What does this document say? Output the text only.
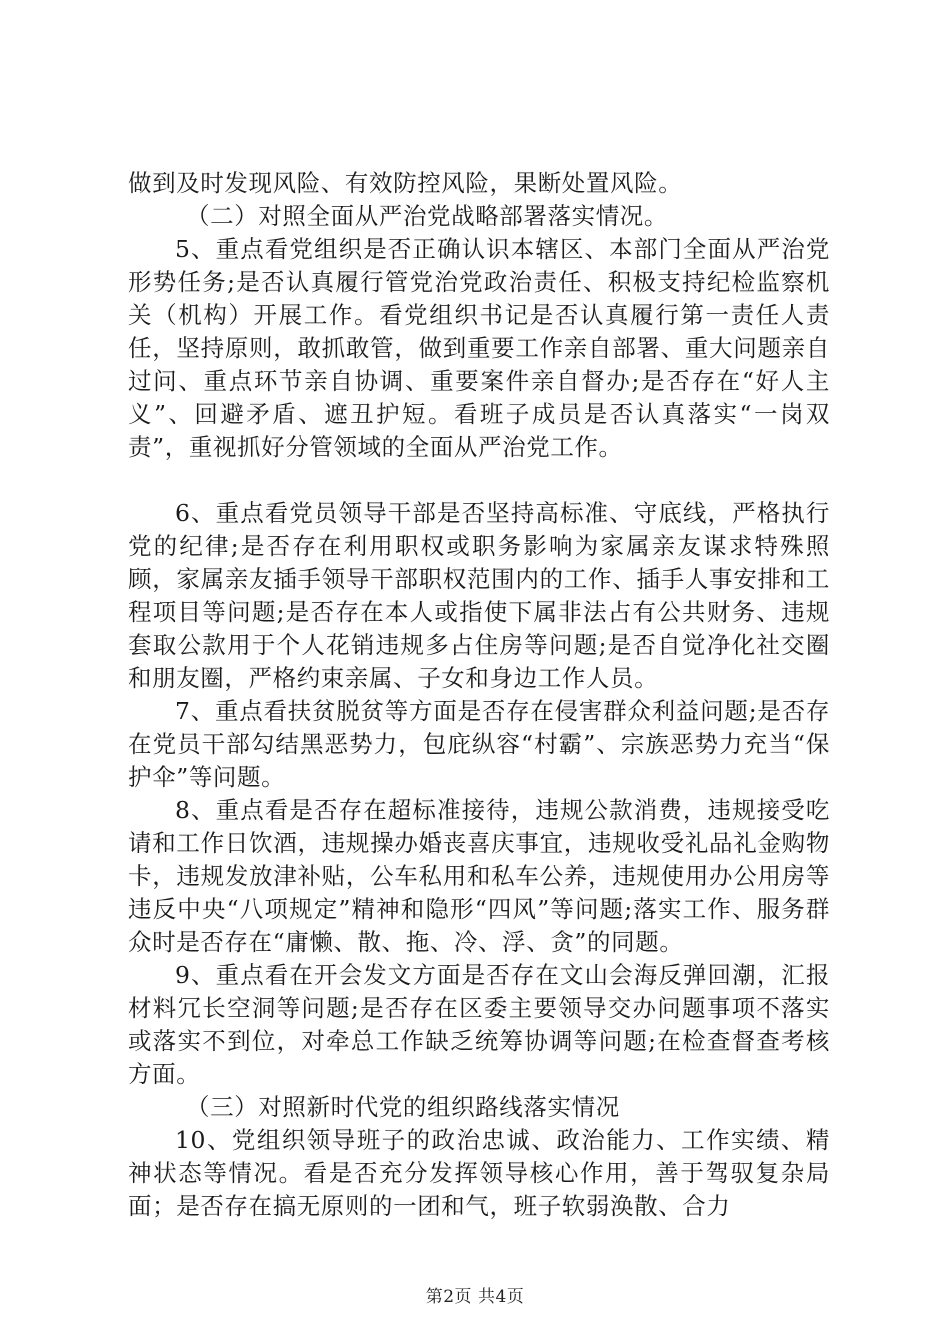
做到及时发现风险、有效防控风险，果断处置风险。

（二）对照全面从严治党战略部署落实情况。

5、重点看党组织是否正确认识本辖区、本部门全面从严治党形势任务;是否认真履行管党治党政治责任、积极支持纪检监察机关（机构）开展工作。看党组织书记是否认真履行第一责任人责任，坚持原则，敢抓敢管，做到重要工作亲自部署、重大问题亲自过问、重点环节亲自协调、重要案件亲自督办;是否存在“好人主义”、回避矛盾、遮丑护短。看班子成员是否认真落实“一岗双责”，重视抓好分管领域的全面从严治党工作。

6、重点看党员领导干部是否坚持高标准、守底线，严格执行党的纪律;是否存在利用职权或职务影响为家属亲友谋求特殊照顾，家属亲友插手领导干部职权范围内的工作、插手人事安排和工程项目等问题;是否存在本人或指使下属非法占有公共财务、违规套取公款用于个人花销违规多占住房等问题;是否自觉净化社交圈和朋友圈，严格约束亲属、子女和身边工作人员。

7、重点看扶贫脱贫等方面是否存在侵害群众利益问题;是否存在党员干部勾结黑恶势力，包庇纵容“村霸”、宗族恶势力充当“保护伞”等问题。

8、重点看是否存在超标准接待，违规公款消费，违规接受吃请和工作日饮酒，违规操办婚丧喜庆事宜，违规收受礼品礼金购物卡，违规发放津补贴，公车私用和私车公养，违规使用办公用房等违反中央“八项规定”精神和隐形“四风”等问题;落实工作、服务群众时是否存在“庸懒、散、拖、冷、浮、贪”的同题。

9、重点看在开会发文方面是否存在文山会海反弹回潮，汇报材料冗长空洞等问题;是否存在区委主要领导交办问题事项不落实或落实不到位，对牵总工作缺乏统筹协调等问题;在检查督查考核方面。

（三）对照新时代党的组织路线落实情况

10、党组织领导班子的政治忠诚、政治能力、工作实绩、精神状态等情况。看是否充分发挥领导核心作用，善于驾驭复杂局面；是否存在搞无原则的一团和气，班子软弱涣散、合力

第2页 共4页
